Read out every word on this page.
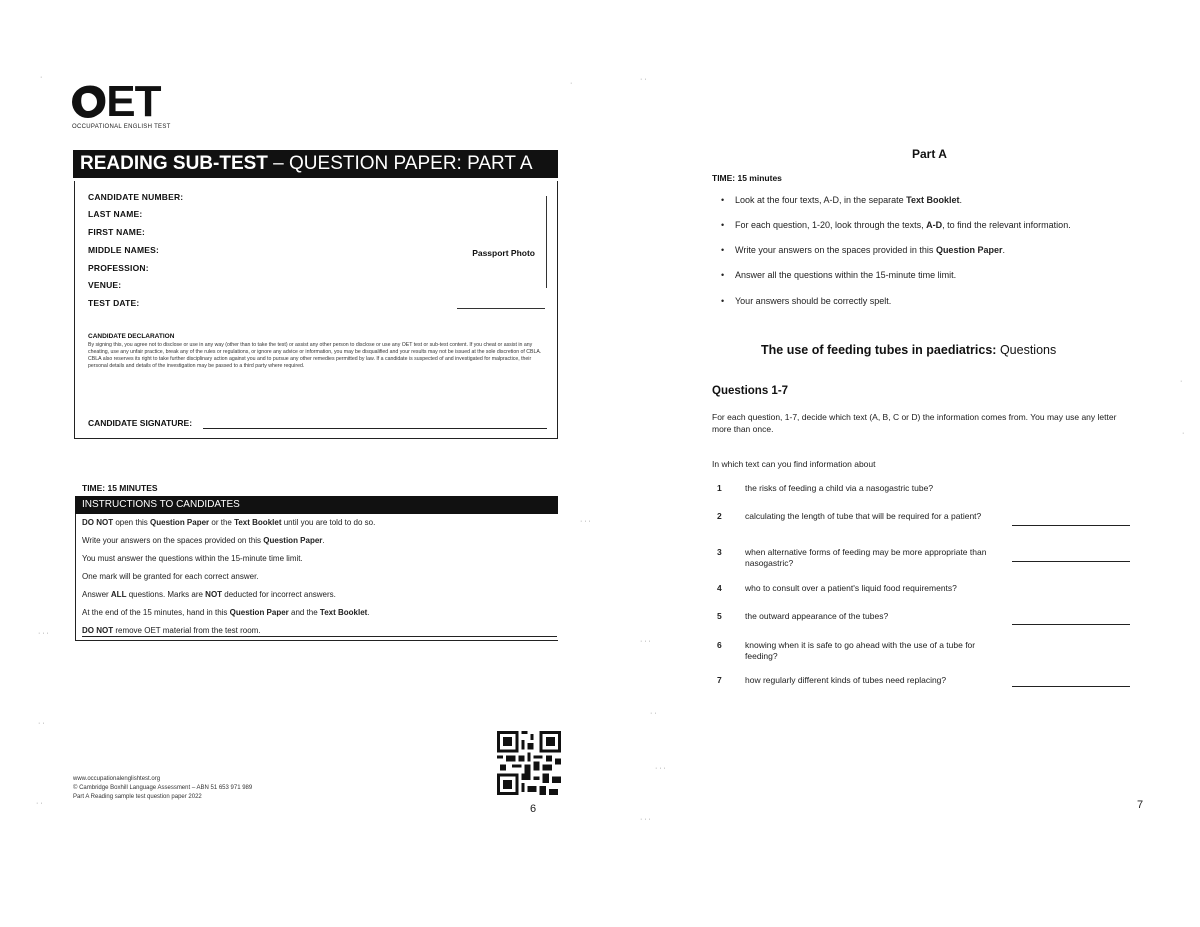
OET
OCCUPATIONAL ENGLISH TEST
READING SUB-TEST – QUESTION PAPER: PART A
CANDIDATE NUMBER:
LAST NAME:
FIRST NAME:
MIDDLE NAMES:
PROFESSION:
VENUE:
TEST DATE:
Passport Photo
CANDIDATE DECLARATION
By signing this, you agree not to disclose or use in any way (other than to take the test) or assist any other person to disclose or use any OET test or sub-test content. If you cheat or assist in any cheating, use any unfair practice, break any of the rules or regulations, or ignore any advice or information, you may be disqualified and your results may not be issued at the sole discretion of CBLA. CBLA also reserves its right to take further disciplinary action against you and to pursue any other remedies permitted by law. If a candidate is suspected of and investigated for malpractice, their personal details and details of the investigation may be passed to a third party where required.
CANDIDATE SIGNATURE:
TIME: 15 MINUTES
INSTRUCTIONS TO CANDIDATES
DO NOT open this Question Paper or the Text Booklet until you are told to do so.
Write your answers on the spaces provided on this Question Paper.
You must answer the questions within the 15-minute time limit.
One mark will be granted for each correct answer.
Answer ALL questions. Marks are NOT deducted for incorrect answers.
At the end of the 15 minutes, hand in this Question Paper and the Text Booklet.
DO NOT remove OET material from the test room.
www.occupationalenglishtest.org
© Cambridge Boxhill Language Assessment – ABN 51 653 971 989
Part A Reading sample test question paper 2022
6
Part A
TIME: 15 minutes
• Look at the four texts, A-D, in the separate Text Booklet.
• For each question, 1-20, look through the texts, A-D, to find the relevant information.
• Write your answers on the spaces provided in this Question Paper.
• Answer all the questions within the 15-minute time limit.
• Your answers should be correctly spelt.
The use of feeding tubes in paediatrics: Questions
Questions 1-7
For each question, 1-7, decide which text (A, B, C or D) the information comes from. You may use any letter more than once.
In which text can you find information about
1	the risks of feeding a child via a nasogastric tube?
2	calculating the length of tube that will be required for a patient?
3	when alternative forms of feeding may be more appropriate than nasogastric?
4	who to consult over a patient's liquid food requirements?
5	the outward appearance of the tubes?
6	knowing when it is safe to go ahead with the use of a tube for feeding?
7	how regularly different kinds of tubes need replacing?
7
·
·
· ·
·
·
· · ·
· · ·
· · ·
· ·
· ·
· · ·
· ·
· · ·
